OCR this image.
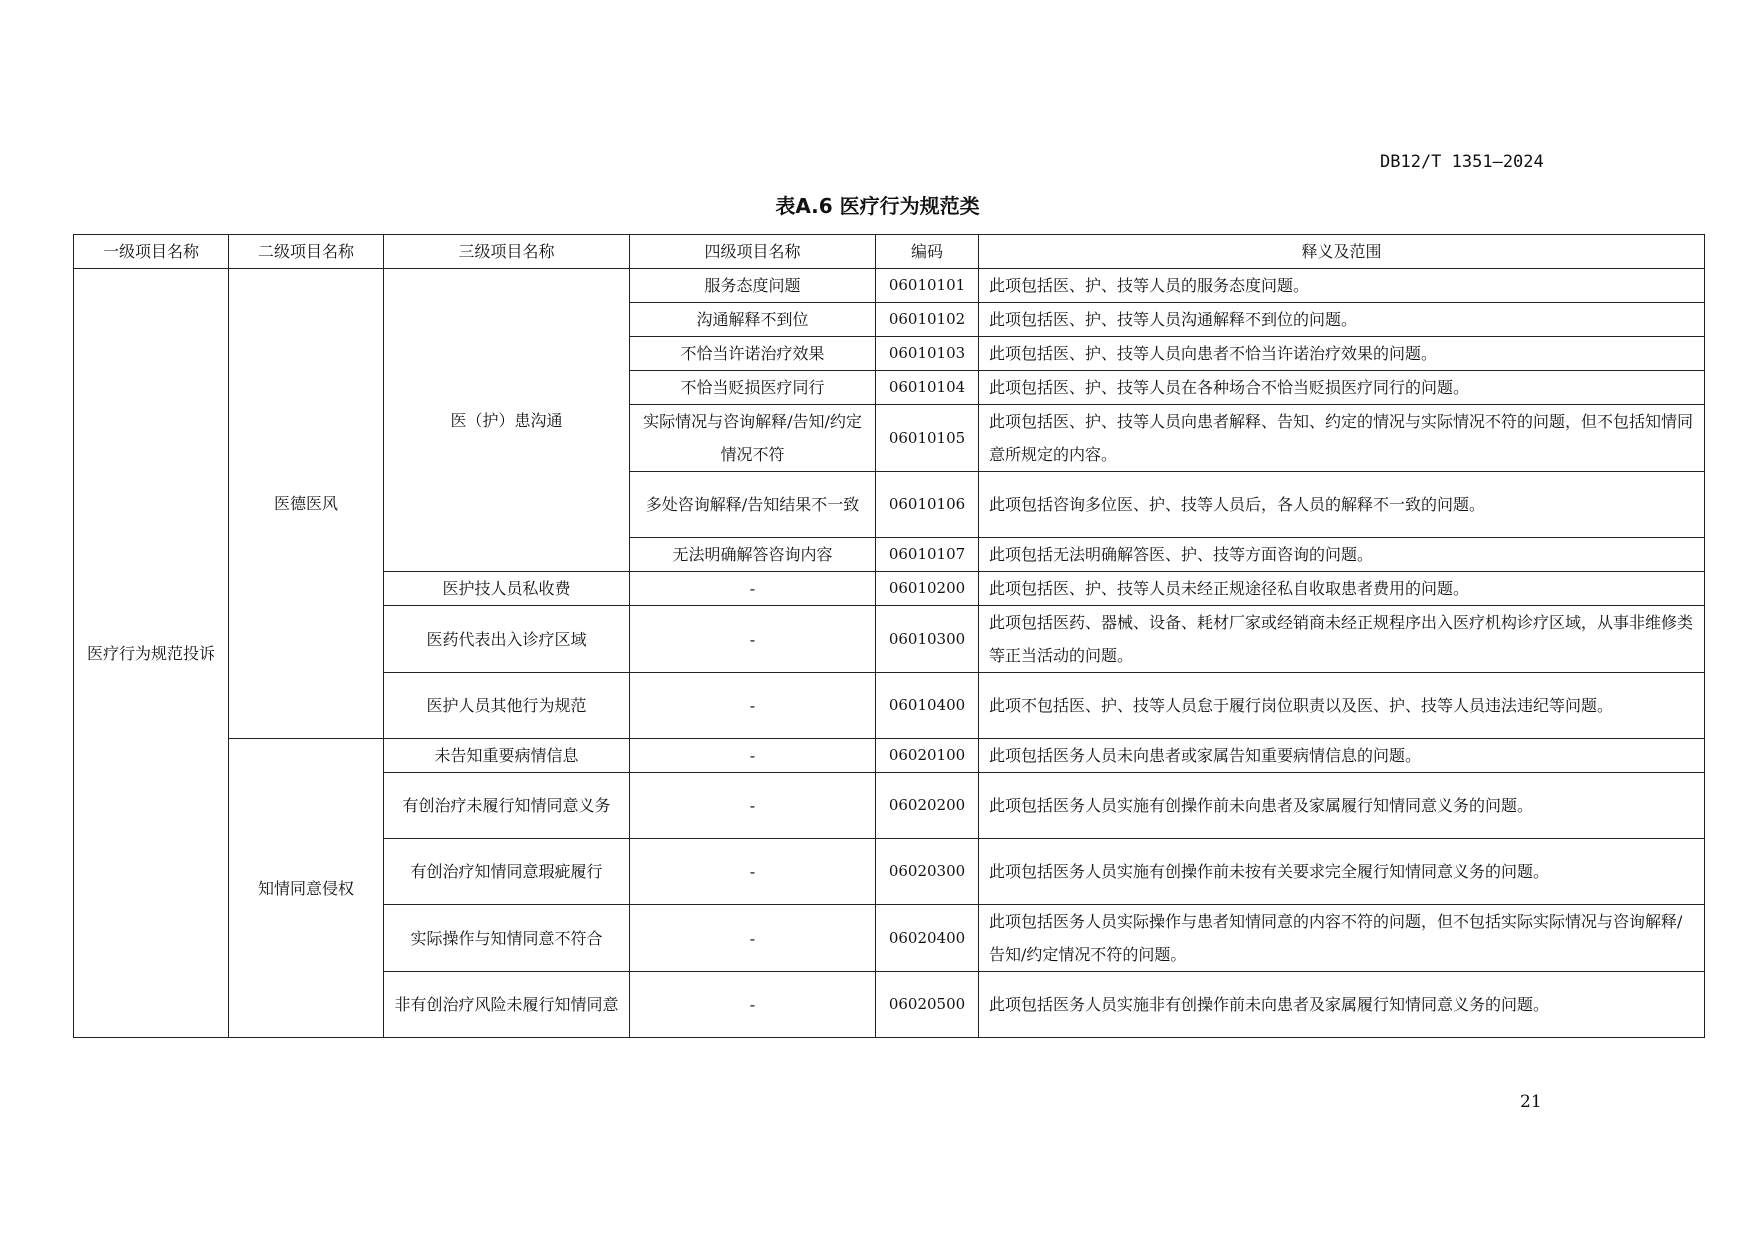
DB12/T 1351—2024
表A.6 医疗行为规范类
一级项目名称	二级项目名称	三级项目名称	四级项目名称	编码	释义及范围
医疗行为规范投诉	医德医风	医（护）患沟通	服务态度问题	06010101	此项包括医、护、技等人员的服务态度问题。
			沟通解释不到位	06010102	此项包括医、护、技等人员沟通解释不到位的问题。
			不恰当许诺治疗效果	06010103	此项包括医、护、技等人员向患者不恰当许诺治疗效果的问题。
			不恰当贬损医疗同行	06010104	此项包括医、护、技等人员在各种场合不恰当贬损医疗同行的问题。
			实际情况与咨询解释/告知/约定情况不符	06010105	此项包括医、护、技等人员向患者解释、告知、约定的情况与实际情况不符的问题，但不包括知情同意所规定的内容。
			多处咨询解释/告知结果不一致	06010106	此项包括咨询多位医、护、技等人员后，各人员的解释不一致的问题。
			无法明确解答咨询内容	06010107	此项包括无法明确解答医、护、技等方面咨询的问题。
		医护技人员私收费	-	06010200	此项包括医、护、技等人员未经正规途径私自收取患者费用的问题。
		医药代表出入诊疗区域	-	06010300	此项包括医药、器械、设备、耗材厂家或经销商未经正规程序出入医疗机构诊疗区域，从事非维修类等正当活动的问题。
		医护人员其他行为规范	-	06010400	此项不包括医、护、技等人员怠于履行岗位职责以及医、护、技等人员违法违纪等问题。
	知情同意侵权	未告知重要病情信息	-	06020100	此项包括医务人员未向患者或家属告知重要病情信息的问题。
		有创治疗未履行知情同意义务	-	06020200	此项包括医务人员实施有创操作前未向患者及家属履行知情同意义务的问题。
		有创治疗知情同意瑕疵履行	-	06020300	此项包括医务人员实施有创操作前未按有关要求完全履行知情同意义务的问题。
		实际操作与知情同意不符合	-	06020400	此项包括医务人员实际操作与患者知情同意的内容不符的问题，但不包括实际实际情况与咨询解释/告知/约定情况不符的问题。
		非有创治疗风险未履行知情同意	-	06020500	此项包括医务人员实施非有创操作前未向患者及家属履行知情同意义务的问题。
21
